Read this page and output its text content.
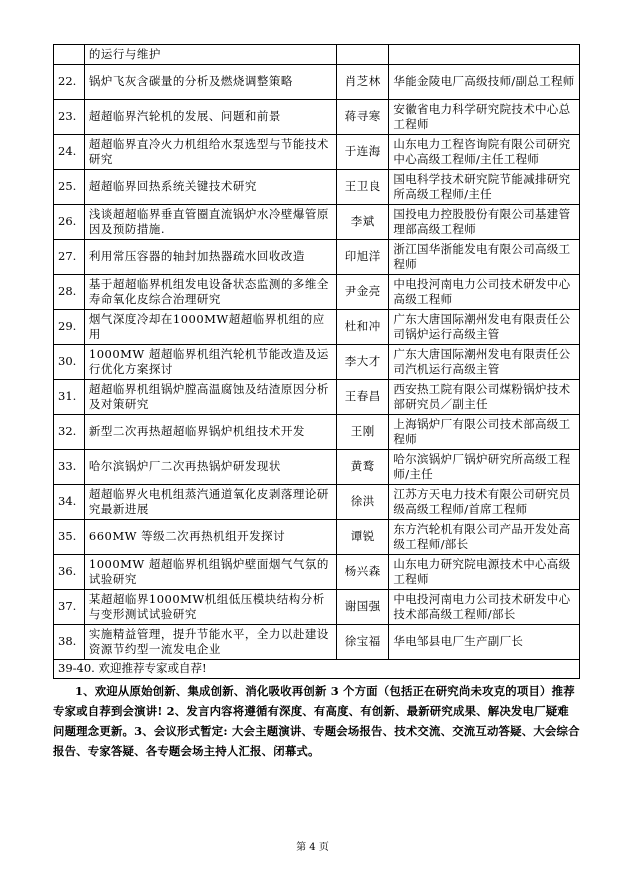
	的运行与维护		
22.	锅炉飞灰含碳量的分析及燃烧调整策略	肖芝林	华能金陵电厂高级技师/副总工程师
23.	超超临界汽轮机的发展、问题和前景	蒋寻寒	安徽省电力科学研究院技术中心总工程师
24.	超超临界直冷火力机组给水泵选型与节能技术研究	于连海	山东电力工程咨询院有限公司研究中心高级工程师/主任工程师
25.	超超临界回热系统关键技术研究	王卫良	国电科学技术研究院节能减排研究所高级工程师/主任
26.	浅谈超超临界垂直管圈直流锅炉水冷壁爆管原因及预防措施.	李斌	国投电力控股股份有限公司基建管理部高级工程师
27.	利用常压容器的轴封加热器疏水回收改造	印旭洋	浙江国华浙能发电有限公司高级工程师
28.	基于超超临界机组发电设备状态监测的多维全寿命氧化皮综合治理研究	尹金亮	中电投河南电力公司技术研发中心高级工程师
29.	烟气深度冷却在1000MW超超临界机组的应用	杜和冲	广东大唐国际潮州发电有限责任公司锅炉运行高级主管
30.	1000MW 超超临界机组汽轮机节能改造及运行优化方案探讨	李大才	广东大唐国际潮州发电有限责任公司汽机运行高级主管
31.	超超临界机组锅炉膛高温腐蚀及结渣原因分析及对策研究	王春昌	西安热工院有限公司煤粉锅炉技术部研究员／副主任
32.	新型二次再热超超临界锅炉机组技术开发	王刚	上海锅炉厂有限公司技术部高级工程师
33.	哈尔滨锅炉厂二次再热锅炉研发现状	黄鹜	哈尔滨锅炉厂锅炉研究所高级工程师/主任
34.	超超临界火电机组蒸汽通道氧化皮剥落理论研究最新进展	徐洪	江苏方天电力技术有限公司研究员级高级工程师/首席工程师
35.	660MW 等级二次再热机组开发探讨	谭锐	东方汽轮机有限公司产品开发处高级工程师/部长
36.	1000MW 超超临界机组锅炉壁面烟气气氛的试验研究	杨兴森	山东电力研究院电源技术中心高级工程师
37.	某超超临界1000MW机组低压模块结构分析与变形测试试验研究	谢国强	中电投河南电力公司技术研发中心技术部高级工程师/部长
38.	实施精益管理，提升节能水平，全力以赴建设资源节约型一流发电企业	徐宝福	华电邹县电厂生产副厂长
39-40. 欢迎推荐专家或自荐!			

1、欢迎从原始创新、集成创新、消化吸收再创新 3 个方面（包括正在研究尚未攻克的项目）推荐专家或自荐到会演讲! 2、发言内容将遵循有深度、有高度、有创新、最新研究成果、解决发电厂疑难问题理念更新。3、会议形式暂定: 大会主题演讲、专题会场报告、技术交流、交流互动答疑、大会综合报告、专家答疑、各专题会场主持人汇报、闭幕式。

第 4 页
